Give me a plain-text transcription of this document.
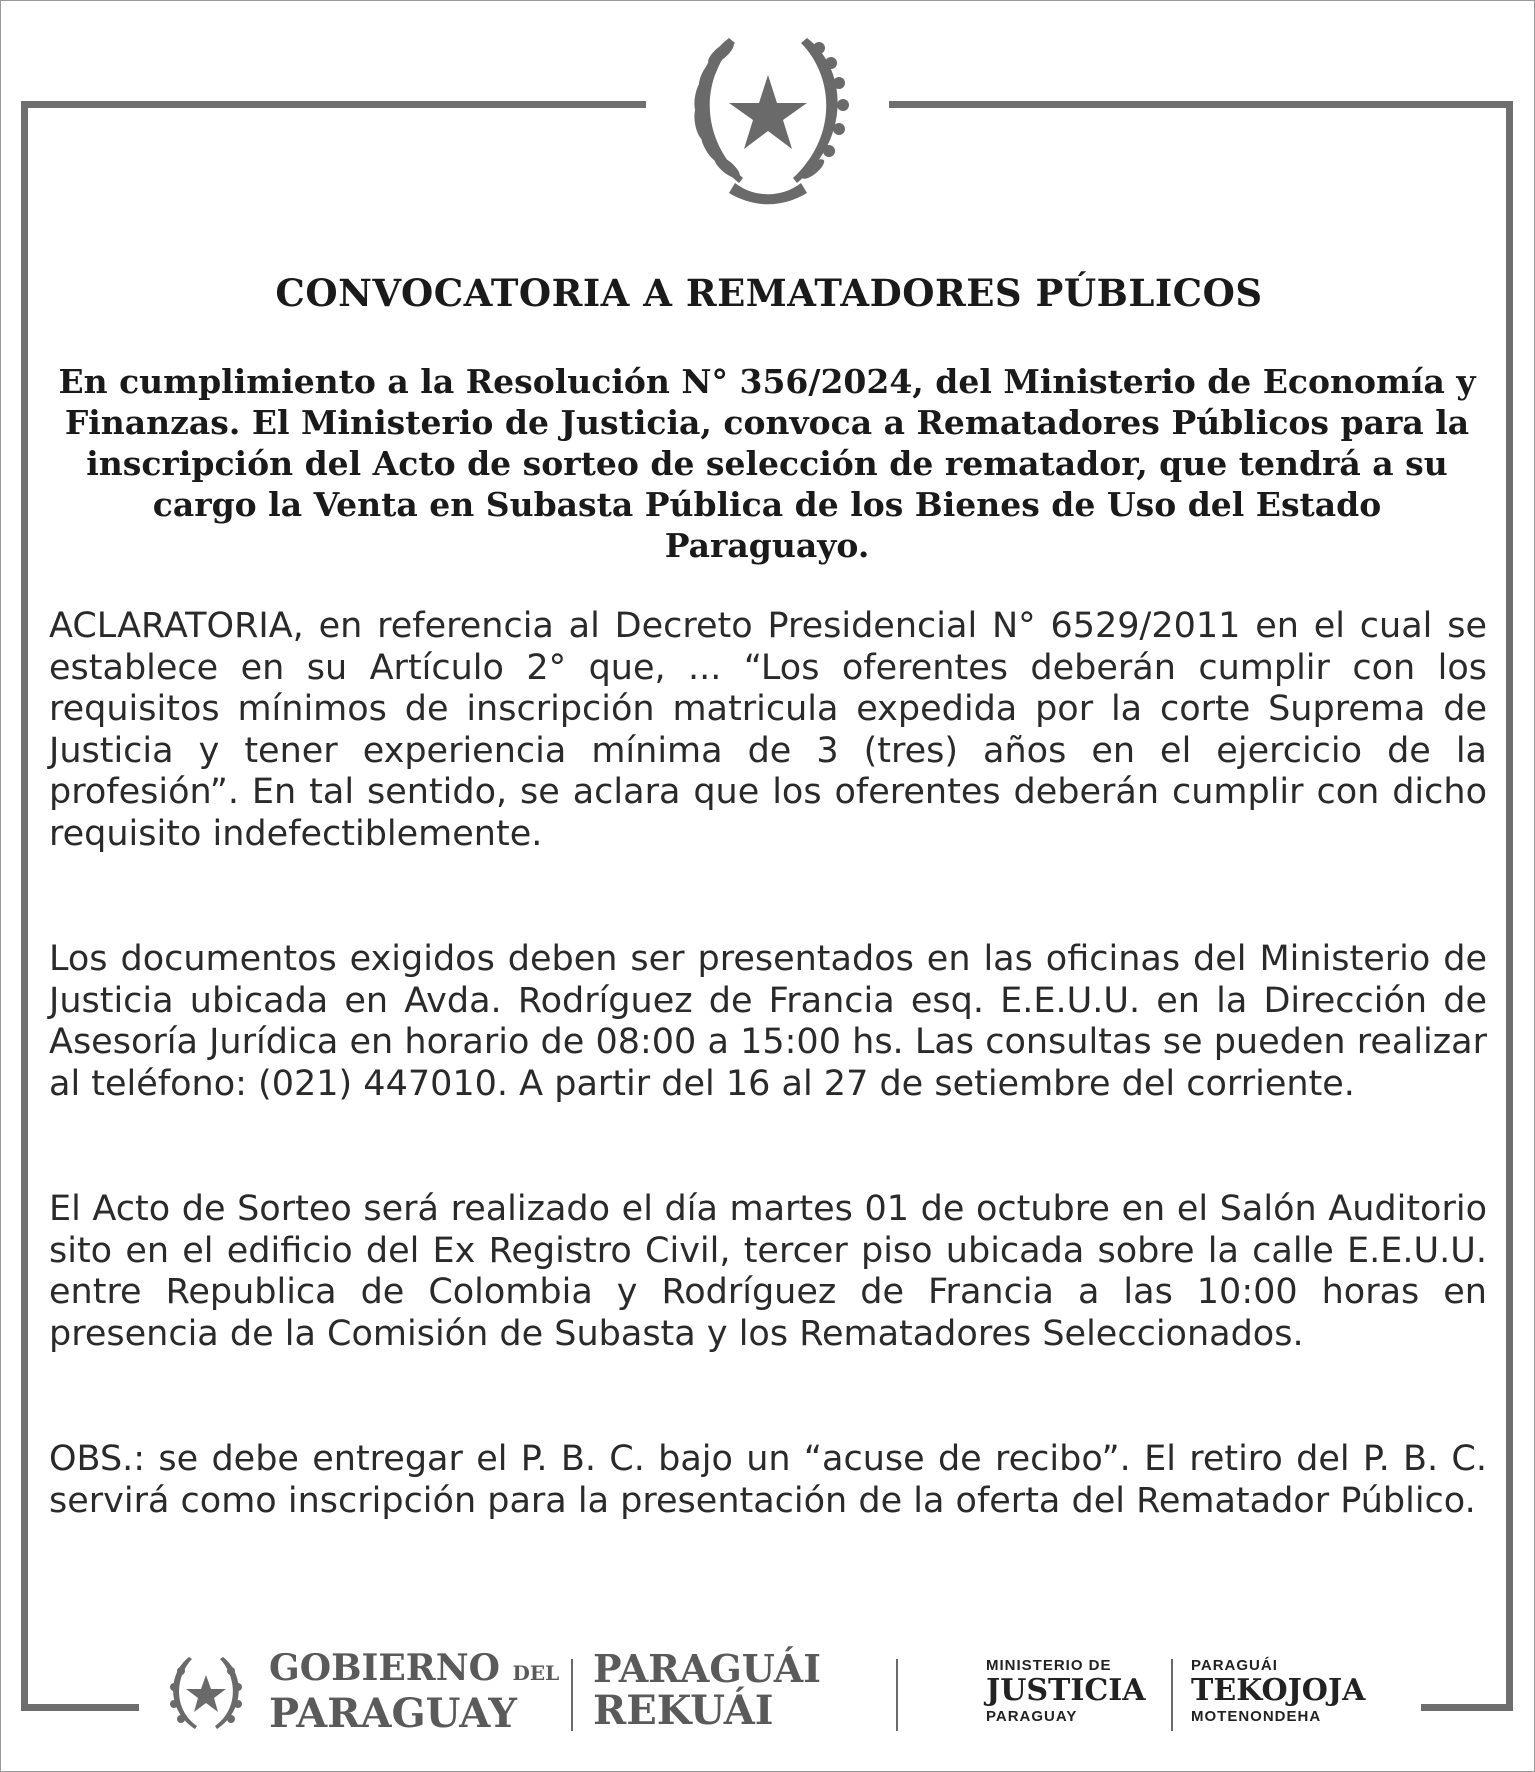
CONVOCATORIA A REMATADORES PÚBLICOS
En cumplimiento a la Resolución N° 356/2024, del Ministerio de Economía y Finanzas. El Ministerio de Justicia, convoca a Rematadores Públicos para la inscripción del Acto de sorteo de selección de rematador, que tendrá a su cargo la Venta en Subasta Pública de los Bienes de Uso del Estado Paraguayo.

ACLARATORIA, en referencia al Decreto Presidencial N° 6529/2011 en el cual se establece en su Artículo 2° que, ... “Los oferentes deberán cumplir con los requisitos mínimos de inscripción matricula expedida por la corte Suprema de Justicia y tener experiencia mínima de 3 (tres) años en el ejercicio de la profesión”. En tal sentido, se aclara que los oferentes deberán cumplir con dicho requisito indefectiblemente.

Los documentos exigidos deben ser presentados en las oficinas del Ministerio de Justicia ubicada en Avda. Rodríguez de Francia esq. E.E.U.U. en la Dirección de Asesoría Jurídica en horario de 08:00 a 15:00 hs. Las consultas se pueden realizar al teléfono: (021) 447010. A partir del 16 al 27 de setiembre del corriente.

El Acto de Sorteo será realizado el día martes 01 de octubre en el Salón Auditorio sito en el edificio del Ex Registro Civil, tercer piso ubicada sobre la calle E.E.U.U. entre Republica de Colombia y Rodríguez de Francia a las 10:00 horas en presencia de la Comisión de Subasta y los Rematadores Seleccionados.

OBS.: se debe entregar el P. B. C. bajo un “acuse de recibo”. El retiro del P. B. C. servirá como inscripción para la presentación de la oferta del Rematador Público.

GOBIERNO DEL
PARAGUAY
PARAGUÁI
REKUÁI
MINISTERIO DE
JUSTICIA
PARAGUAY
PARAGUÁI
TEKOJOJA
MOTENONDEHA
